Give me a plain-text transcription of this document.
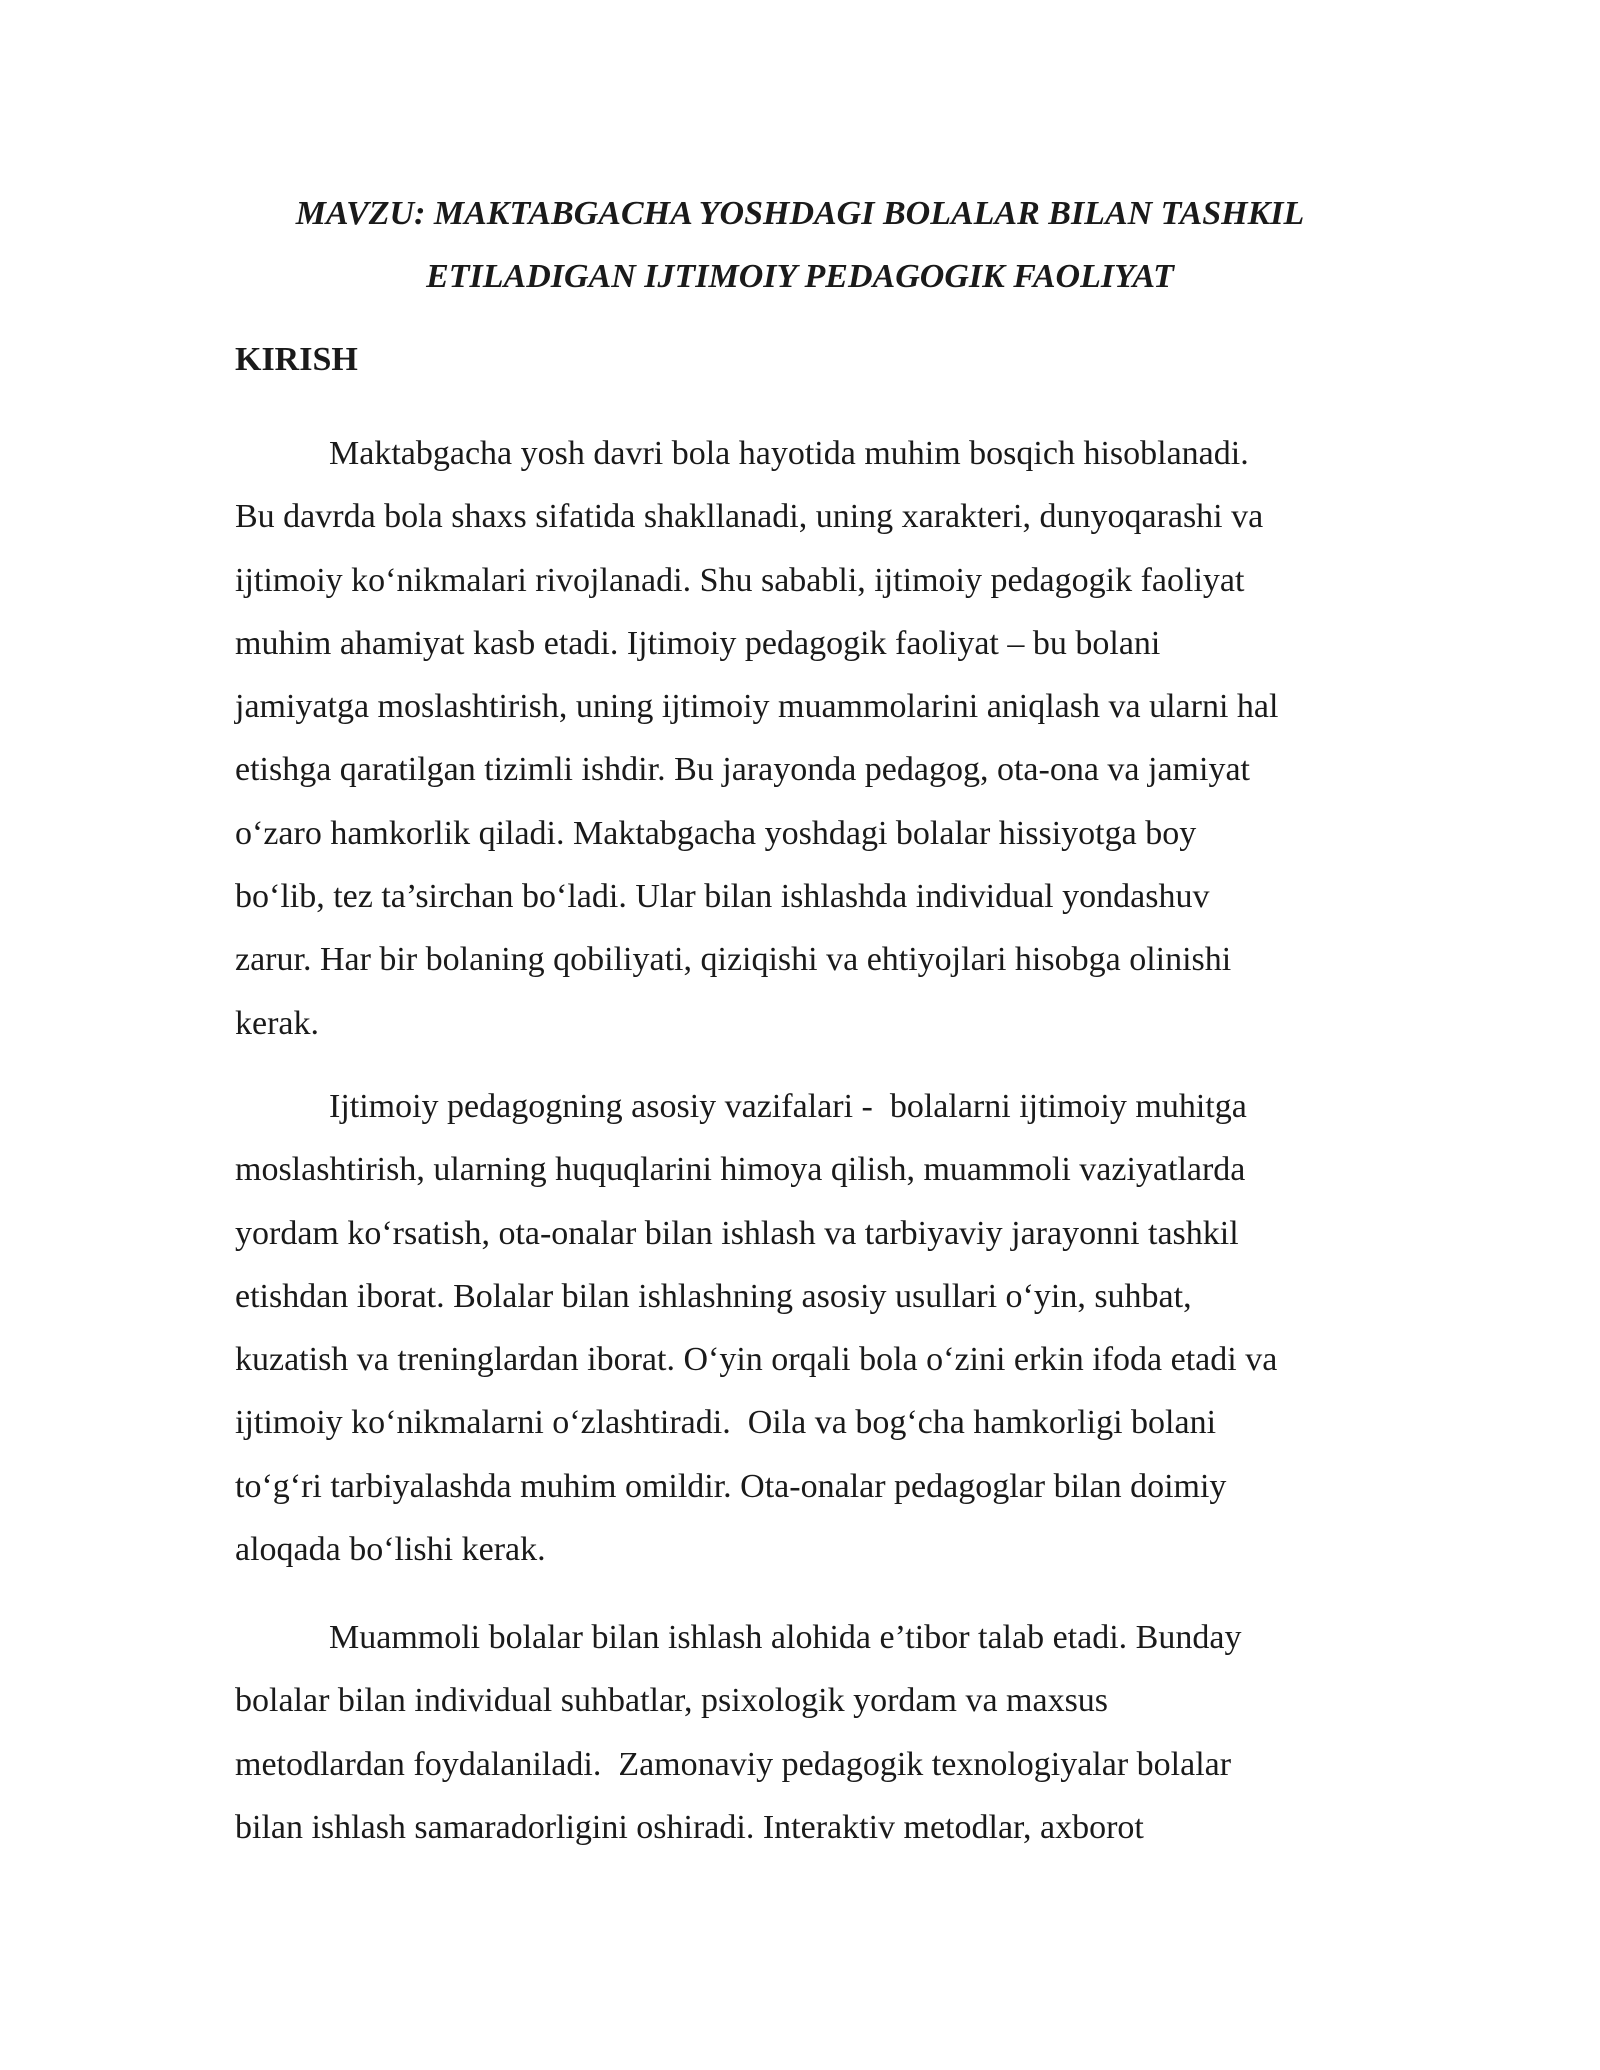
MAVZU: MAKTABGACHA YOSHDAGI BOLALAR BILAN TASHKIL
ETILADIGAN IJTIMOIY PEDAGOGIK FAOLIYAT
KIRISH

Maktabgacha yosh davri bola hayotida muhim bosqich hisoblanadi.
Bu davrda bola shaxs sifatida shakllanadi, uning xarakteri, dunyoqarashi va
ijtimoiy ko‘nikmalari rivojlanadi. Shu sababli, ijtimoiy pedagogik faoliyat
muhim ahamiyat kasb etadi. Ijtimoiy pedagogik faoliyat – bu bolani
jamiyatga moslashtirish, uning ijtimoiy muammolarini aniqlash va ularni hal
etishga qaratilgan tizimli ishdir. Bu jarayonda pedagog, ota-ona va jamiyat
o‘zaro hamkorlik qiladi. Maktabgacha yoshdagi bolalar hissiyotga boy
bo‘lib, tez ta’sirchan bo‘ladi. Ular bilan ishlashda individual yondashuv
zarur. Har bir bolaning qobiliyati, qiziqishi va ehtiyojlari hisobga olinishi
kerak.

Ijtimoiy pedagogning asosiy vazifalari -  bolalarni ijtimoiy muhitga
moslashtirish, ularning huquqlarini himoya qilish, muammoli vaziyatlarda
yordam ko‘rsatish, ota-onalar bilan ishlash va tarbiyaviy jarayonni tashkil
etishdan iborat. Bolalar bilan ishlashning asosiy usullari o‘yin, suhbat,
kuzatish va treninglardan iborat. O‘yin orqali bola o‘zini erkin ifoda etadi va
ijtimoiy ko‘nikmalarni o‘zlashtiradi.  Oila va bog‘cha hamkorligi bolani
to‘g‘ri tarbiyalashda muhim omildir. Ota-onalar pedagoglar bilan doimiy
aloqada bo‘lishi kerak.

Muammoli bolalar bilan ishlash alohida e’tibor talab etadi. Bunday
bolalar bilan individual suhbatlar, psixologik yordam va maxsus
metodlardan foydalaniladi.  Zamonaviy pedagogik texnologiyalar bolalar
bilan ishlash samaradorligini oshiradi. Interaktiv metodlar, axborot
